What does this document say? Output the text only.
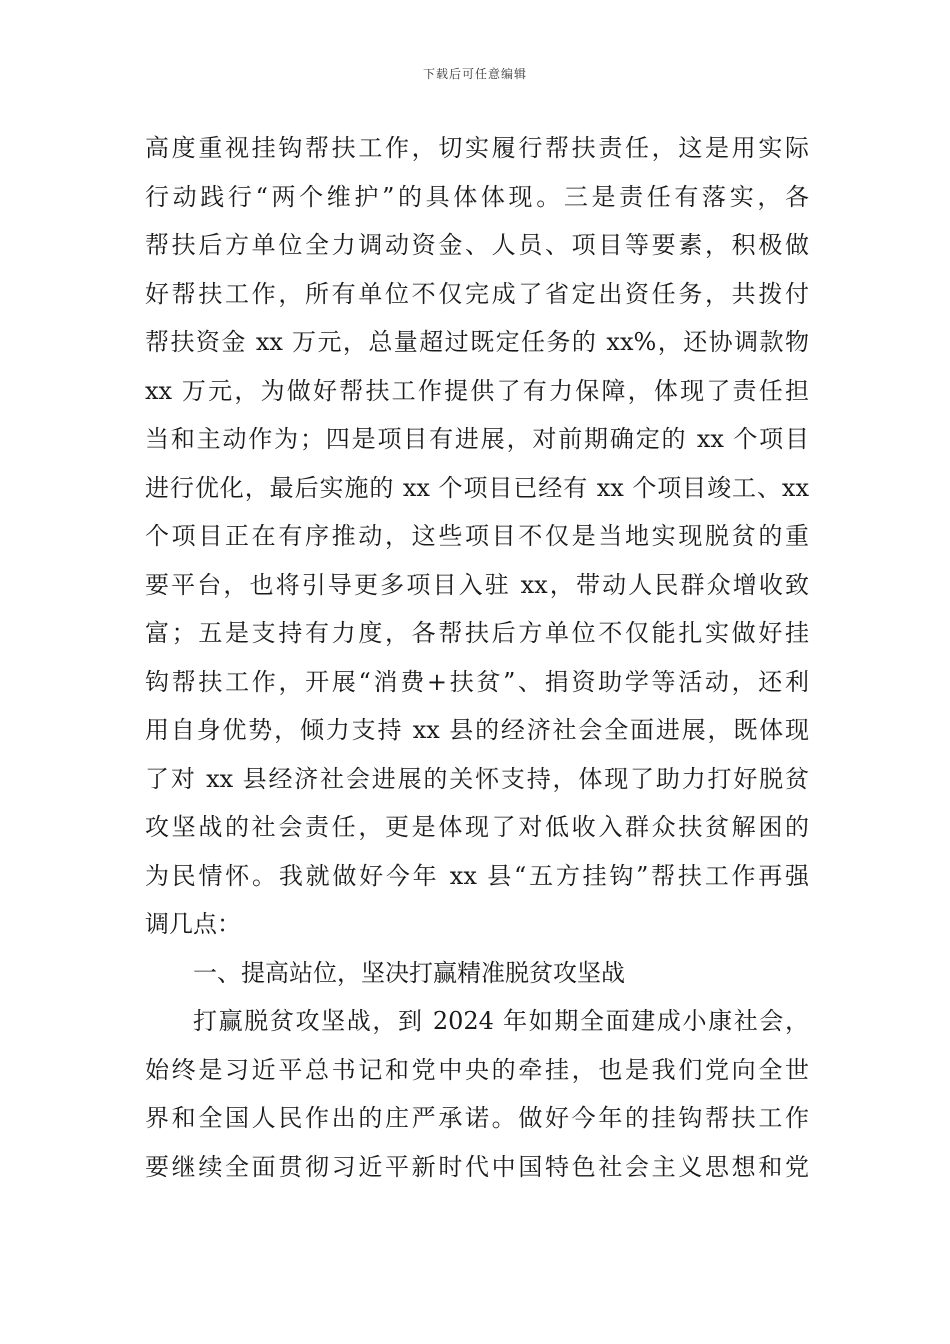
下载后可任意编辑
高度重视挂钩帮扶工作，切实履行帮扶责任，这是用实际
行动践行“两个维护”的具体体现。三是责任有落实，各
帮扶后方单位全力调动资金、人员、项目等要素，积极做
好帮扶工作，所有单位不仅完成了省定出资任务，共拨付
帮扶资金 xx 万元，总量超过既定任务的 xx%，还协调款物
xx 万元，为做好帮扶工作提供了有力保障，体现了责任担
当和主动作为；四是项目有进展，对前期确定的 xx 个项目
进行优化，最后实施的 xx 个项目已经有 xx 个项目竣工、xx
个项目正在有序推动，这些项目不仅是当地实现脱贫的重
要平台，也将引导更多项目入驻 xx，带动人民群众增收致
富；五是支持有力度，各帮扶后方单位不仅能扎实做好挂
钩帮扶工作，开展“消费+扶贫”、捐资助学等活动，还利
用自身优势，倾力支持 xx 县的经济社会全面进展，既体现
了对 xx 县经济社会进展的关怀支持，体现了助力打好脱贫
攻坚战的社会责任，更是体现了对低收入群众扶贫解困的
为民情怀。我就做好今年 xx 县“五方挂钩”帮扶工作再强
调几点：
一、提高站位，坚决打赢精准脱贫攻坚战
打赢脱贫攻坚战，到 2024 年如期全面建成小康社会，
始终是习近平总书记和党中央的牵挂，也是我们党向全世
界和全国人民作出的庄严承诺。做好今年的挂钩帮扶工作
要继续全面贯彻习近平新时代中国特色社会主义思想和党
